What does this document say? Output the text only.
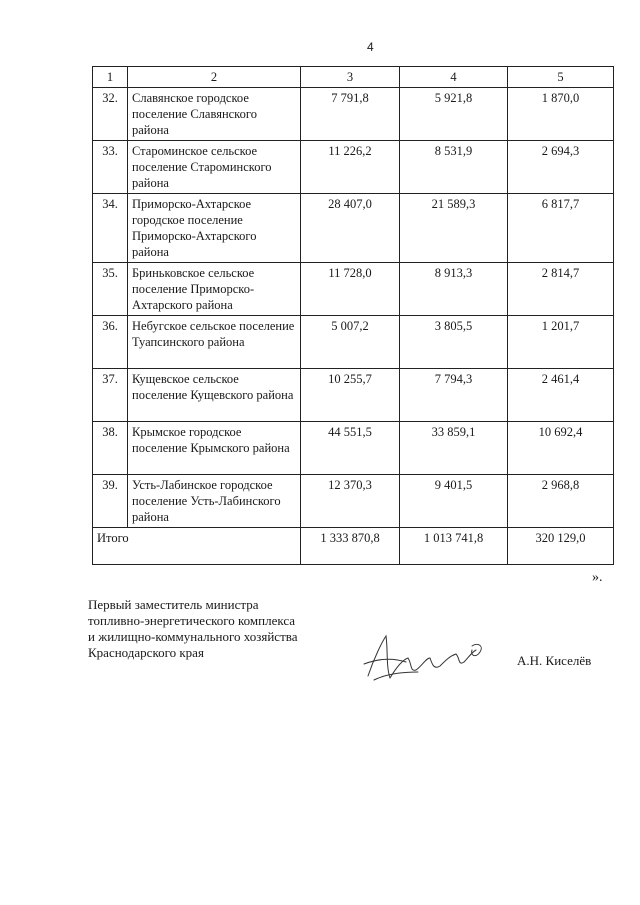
4
1	2	3	4	5
32.	Славянское городское поселение Славянского района	7 791,8	5 921,8	1 870,0
33.	Староминское сельское поселение Староминского района	11 226,2	8 531,9	2 694,3
34.	Приморско-Ахтарское городское поселение Приморско-Ахтарского района	28 407,0	21 589,3	6 817,7
35.	Бриньковское сельское поселение Приморско-Ахтарского района	11 728,0	8 913,3	2 814,7
36.	Небугское сельское поселение Туапсинского района	5 007,2	3 805,5	1 201,7
37.	Кущевское сельское поселение Кущевского района	10 255,7	7 794,3	2 461,4
38.	Крымское городское поселение Крымского района	44 551,5	33 859,1	10 692,4
39.	Усть-Лабинское городское поселение Усть-Лабинского района	12 370,3	9 401,5	2 968,8
Итого		1 333 870,8	1 013 741,8	320 129,0
».
Первый заместитель министра
топливно-энергетического комплекса
и жилищно-коммунального хозяйства
Краснодарского края
А.Н. Киселёв
